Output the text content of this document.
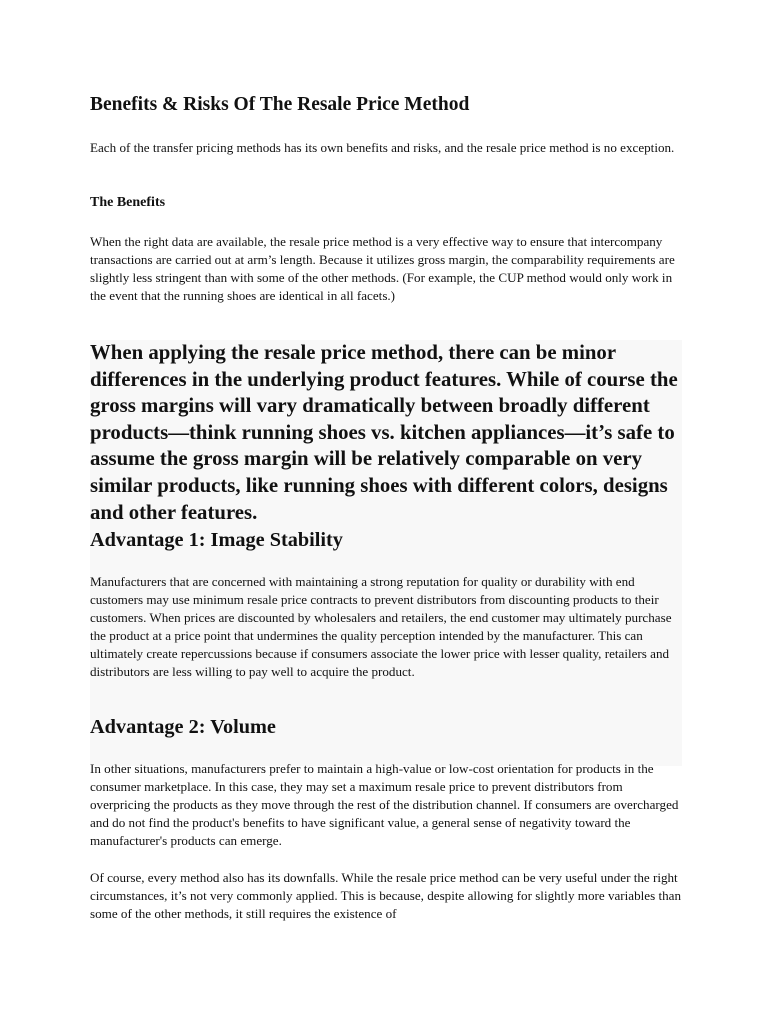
Benefits & Risks Of The Resale Price Method

Each of the transfer pricing methods has its own benefits and risks, and the resale price method is no exception.

The Benefits

When the right data are available, the resale price method is a very effective way to ensure that intercompany transactions are carried out at arm’s length. Because it utilizes gross margin, the comparability requirements are slightly less stringent than with some of the other methods. (For example, the CUP method would only work in the event that the running shoes are identical in all facets.)

When applying the resale price method, there can be minor differences in the underlying product features. While of course the gross margins will vary dramatically between broadly different products—think running shoes vs. kitchen appliances—it’s safe to assume the gross margin will be relatively comparable on very similar products, like running shoes with different colors, designs and other features.

Advantage 1: Image Stability

Manufacturers that are concerned with maintaining a strong reputation for quality or durability with end customers may use minimum resale price contracts to prevent distributors from discounting products to their customers. When prices are discounted by wholesalers and retailers, the end customer may ultimately purchase the product at a price point that undermines the quality perception intended by the manufacturer. This can ultimately create repercussions because if consumers associate the lower price with lesser quality, retailers and distributors are less willing to pay well to acquire the product.

Advantage 2: Volume

In other situations, manufacturers prefer to maintain a high-value or low-cost orientation for products in the consumer marketplace. In this case, they may set a maximum resale price to prevent distributors from overpricing the products as they move through the rest of the distribution channel. If consumers are overcharged and do not find the product's benefits to have significant value, a general sense of negativity toward the manufacturer's products can emerge.

Of course, every method also has its downfalls. While the resale price method can be very useful under the right circumstances, it’s not very commonly applied. This is because, despite allowing for slightly more variables than some of the other methods, it still requires the existence of
